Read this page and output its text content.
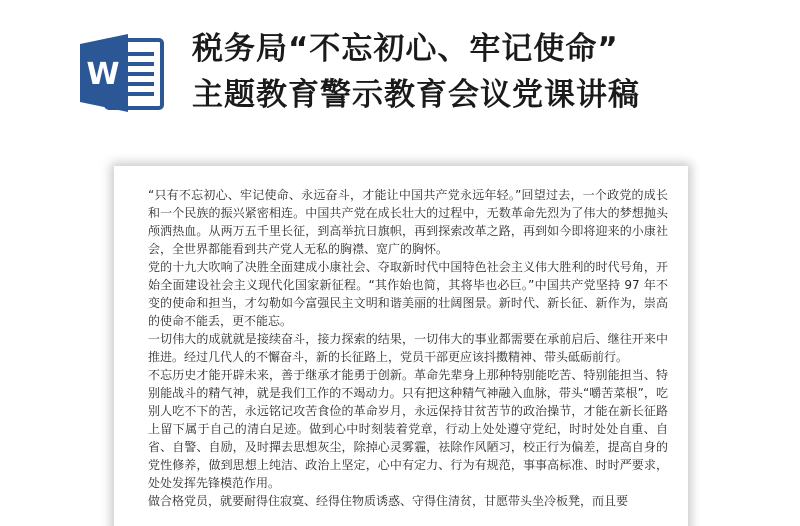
W
税务局“不忘初心、牢记使命”
主题教育警示教育会议党课讲稿

“只有不忘初心、牢记使命、永远奋斗，才能让中国共产党永远年轻。”回望过去，一个政党的成长和一个民族的振兴紧密相连。中国共产党在成长壮大的过程中，无数革命先烈为了伟大的梦想抛头颅洒热血。从两万五千里长征，到高举抗日旗帜，再到探索改革之路，再到如今即将迎来的小康社会，全世界都能看到共产党人无私的胸襟、宽广的胸怀。

党的十九大吹响了决胜全面建成小康社会、夺取新时代中国特色社会主义伟大胜利的时代号角，开始全面建设社会主义现代化国家新征程。“其作始也简，其将毕也必巨。”中国共产党坚持 97 年不变的使命和担当，才勾勒如今富强民主文明和谐美丽的壮阔图景。新时代、新长征、新作为，崇高的使命不能丢，更不能忘。

一切伟大的成就就是接续奋斗，接力探索的结果，一切伟大的事业都需要在承前启后、继往开来中推进。经过几代人的不懈奋斗，新的长征路上，党员干部更应该抖擞精神、带头砥砺前行。

不忘历史才能开辟未来，善于继承才能勇于创新。革命先辈身上那种特别能吃苦、特别能担当、特别能战斗的精气神，就是我们工作的不竭动力。只有把这种精气神融入血脉，带头“嚼苦菜根”，吃别人吃不下的苦，永远铭记攻苦食俭的革命岁月，永远保持甘贫苦节的政治操节，才能在新长征路上留下属于自己的清白足迹。做到心中时刻装着党章，行动上处处遵守党纪，时时处处自重、自省、自警、自励，及时撣去思想灰尘，除掉心灵雾霾，祛除作风陋习，校正行为偏差，提高自身的党性修养，做到思想上纯洁、政治上坚定，心中有定力、行为有规范，事事高标准、时时严要求，处处发挥先锋模范作用。

做合格党员，就要耐得住寂寞、经得住物质诱惑、守得住清贫，甘愿带头坐冷板凳，而且要
